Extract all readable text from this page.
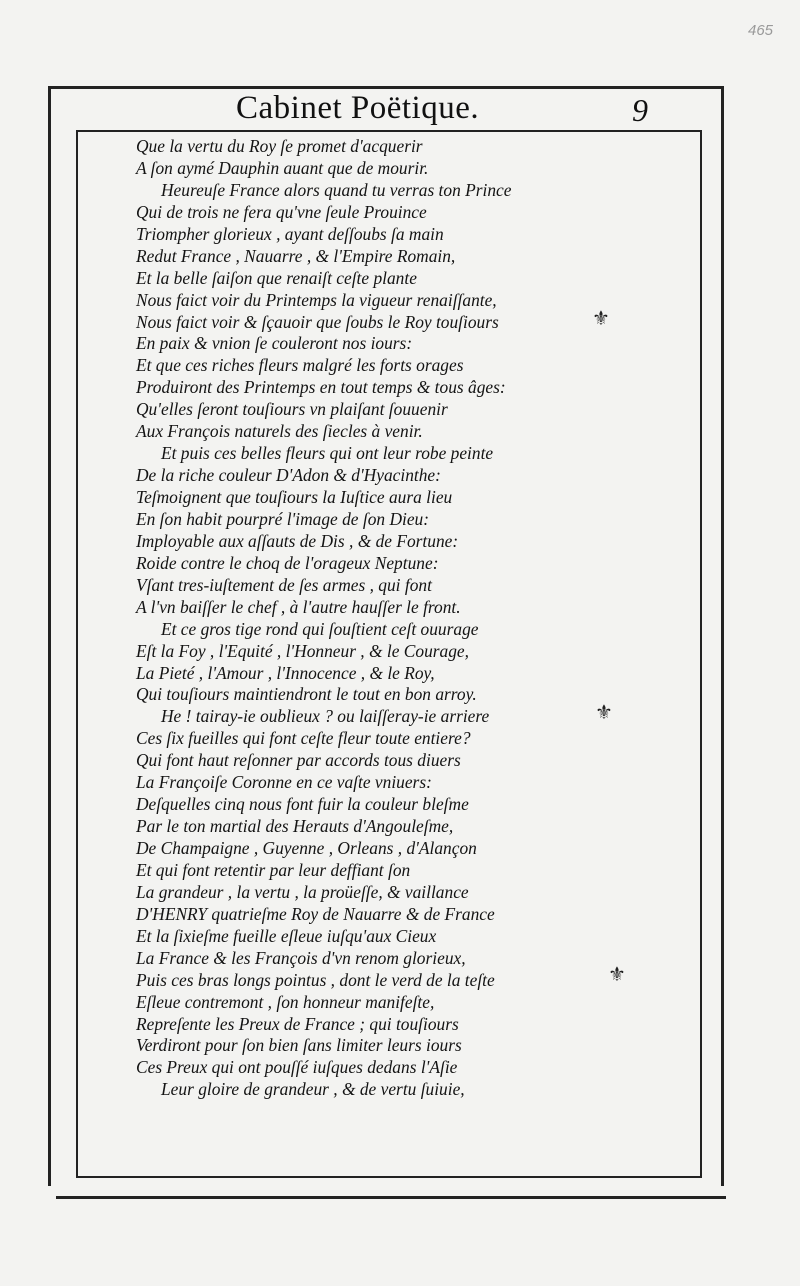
465
Cabinet Poëtique.	9
Que la vertu du Roy ſe promet d'acquerir
A ſon aymé Dauphin auant que de mourir.
Heureuſe France alors quand tu verras ton Prince
Qui de trois ne fera qu'vne ſeule Prouince
Triompher glorieux , ayant deſſoubs ſa main
Redut France , Nauarre , & l'Empire Romain,
Et la belle ſaiſon que renaiſt ceſte plante
Nous faict voir du Printemps la vigueur renaiſſante,
Nous faict voir & ſçauoir que ſoubs le Roy touſiours
En paix & vnion ſe couleront nos iours:
Et que ces riches fleurs malgré les forts orages
Produiront des Printemps en tout temps & tous âges:
Qu'elles ſeront touſiours vn plaiſant ſouuenir
Aux François naturels des ſiecles à venir.
Et puis ces belles fleurs qui ont leur robe peinte
De la riche couleur D'Adon & d'Hyacinthe:
Teſmoignent que touſiours la Iuſtice aura lieu
En ſon habit pourpré l'image de ſon Dieu:
Imployable aux aſſauts de Dis , & de Fortune:
Roide contre le choq de l'orageux Neptune:
Vſant tres-iuſtement de ſes armes , qui font
A l'vn baiſſer le chef , à l'autre hauſſer le front.
Et ce gros tige rond qui ſouſtient ceſt ouurage
Eſt la Foy , l'Equité , l'Honneur , & le Courage,
La Pieté , l'Amour , l'Innocence , & le Roy,
Qui touſiours maintiendront le tout en bon arroy.
He ! tairay-ie oublieux ? ou laiſſeray-ie arriere
Ces ſix fueilles qui font ceſte fleur toute entiere?
Qui font haut reſonner par accords tous diuers
La Françoiſe Coronne en ce vaſte vniuers:
Deſquelles cinq nous font fuir la couleur bleſme
Par le ton martial des Herauts d'Angouleſme,
De Champaigne , Guyenne , Orleans , d'Alançon
Et qui font retentir par leur deffiant ſon
La grandeur , la vertu , la proüeſſe, & vaillance
D'HENRY quatrieſme Roy de Nauarre & de France
Et la ſixieſme fueille eſleue iuſqu'aux Cieux
La France & les François d'vn renom glorieux,
Puis ces bras longs pointus , dont le verd de la teſte
Eſleue contremont , ſon honneur manifeſte,
Repreſente les Preux de France ; qui touſiours
Verdiront pour ſon bien ſans limiter leurs iours
Ces Preux qui ont pouſſé iuſques dedans l'Aſie
Leur gloire de grandeur , & de vertu ſuiuie,
⚜
⚜
⚜
